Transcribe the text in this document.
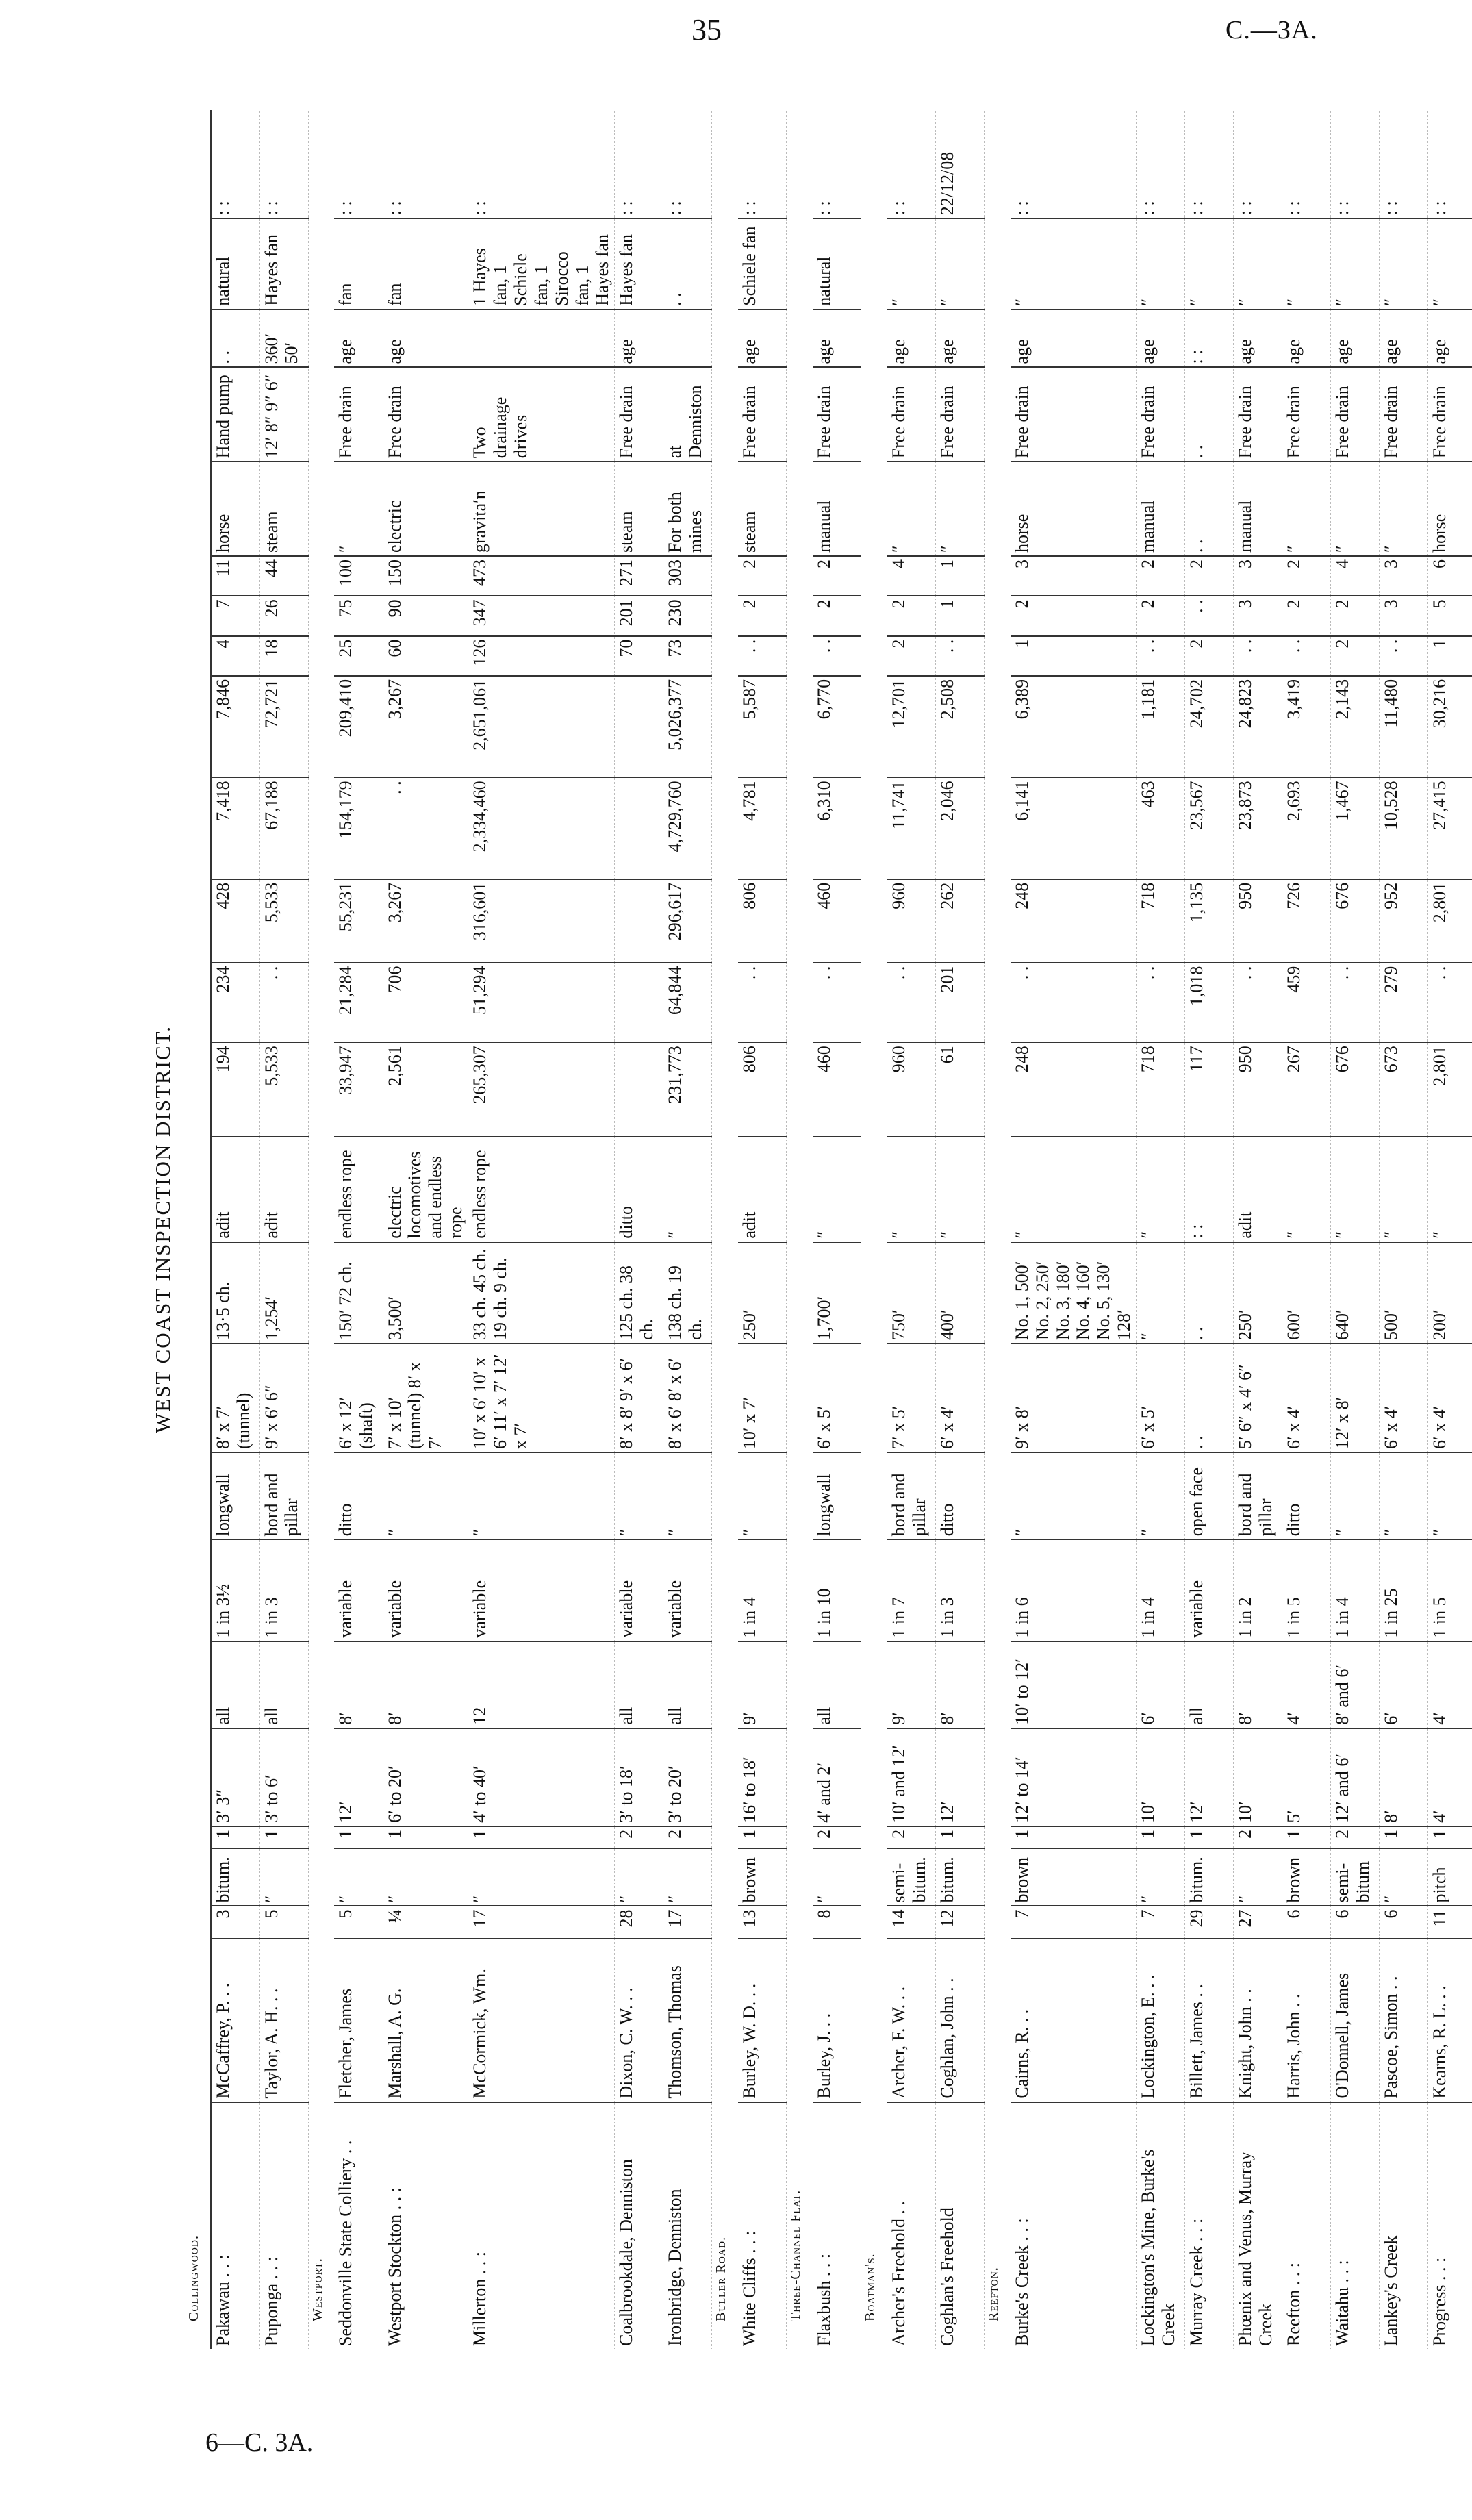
35	C.—3A.
6—C. 3A.
WEST COAST INSPECTION DISTRICT.
Collingwood.																								
Pakawau . . :	McCaffrey, P. . .	3	bitum.	1	3′ 3″	all	1 in 3½	longwall	8′ x 7′ (tunnel)	13·5 ch.	adit	194	234	428	7,418	7,846	4	7	11	horse	Hand pump	. .	natural	: :
Puponga . . :	Taylor, A. H. . .	5	″	1	3′ to 6′	all	1 in 3	bord and pillar	9′ x 6′ 6″	1,254′	adit	5,533	. .	5,533	67,188	72,721	18	26	44	steam	12′ 8″ 9″ 6″	360′ 50′	Hayes fan	: :
Westport.																								
Seddonville State Colliery . .	Fletcher, James	5	″	1	12′	8′	variable	ditto	6′ x 12′ (shaft)	150′ 72 ch.	endless rope	33,947	21,284	55,231	154,179	209,410	25	75	100	″	Free drain	age	fan	: :
Westport Stockton . . :	Marshall, A. G.	¼	″	1	6′ to 20′	8′	variable	″	7′ x 10′ (tunnel) 8′ x 7′	3,500′	electric locomotives and endless rope	2,561	706	3,267	. .	3,267	60	90	150	electric	Free drain	age	fan	: :
Millerton . . :	McCormick, Wm.	17	″	1	4′ to 40′	12	variable	″	10′ x 6′ 10′ x 6′ 11′ x 7′ 12′ x 7′	33 ch. 45 ch. 19 ch. 9 ch.	endless rope	265,307	51,294	316,601	2,334,460	2,651,061	126	347	473	gravita′n	Two drainage drives		1 Hayes fan, 1 Schiele fan, 1 Sirocco fan, 1 Hayes fan	: :
Coalbrookdale, Denniston	Dixon, C. W. . .	28	″	2	3′ to 18′	all	variable	″	8′ x 8′ 9′ x 6′	125 ch. 38 ch.	ditto						70	201	271	steam	Free drain	age	Hayes fan	: :
Ironbridge, Denniston	Thomson, Thomas	17	″	2	3′ to 20′	all	variable	″	8′ x 6′ 8′ x 6′	138 ch. 19 ch.	″	231,773	64,844	296,617	4,729,760	5,026,377	73	230	303	For both mines	at Denniston		. .	: :
Buller Road.																								
White Cliffs . . :	Burley, W. D. . .	13	brown	1	16′ to 18′	9′	1 in 4	″	10′ x 7′	250′	adit	806	. .	806	4,781	5,587	. .	2	2	steam	Free drain	age	Schiele fan	: :
Three-Channel Flat.																								
Flaxbush . . :	Burley, J. . .	8	″	2	4′ and 2′	all	1 in 10	longwall	6′ x 5′	1,700′	″	460	. .	460	6,310	6,770	. .	2	2	manual	Free drain	age	natural	: :
Boatman's.																								
Archer's Freehold . .	Archer, F. W. . .	14	semi-bitum.	2	10′ and 12′	9′	1 in 7	bord and pillar	7′ x 5′	750′	″	960	. .	960	11,741	12,701	2	2	4	″	Free drain	age	″	: :
Coghlan's Freehold	Coghlan, John . .	12	bitum.	1	12′	8′	1 in 3	ditto	6′ x 4′	400′	″	61	201	262	2,046	2,508	. .	1	1	″	Free drain	age	″	22/12/08
Reefton.																								
Burke's Creek . . :	Cairns, R. . .	7	brown	1	12′ to 14′	10′ to 12′	1 in 6	″	9′ x 8′	No. 1, 500′ No. 2, 250′ No. 3, 180′ No. 4, 160′ No. 5, 130′ 128′	″	248	. .	248	6,141	6,389	1	2	3	horse	Free drain	age	″	: :
Lockington's Mine, Burke's Creek	Lockington, E. . .	7	″	1	10′	6′	1 in 4	″	6′ x 5′	″	″	718	. .	718	463	1,181	. .	2	2	manual	Free drain	age	″	: :
Murray Creek . . :	Billett, James . .	29	bitum.	1	12′	all	variable	open face	. .	. .	: :	117	1,018	1,135	23,567	24,702	2	. .	2	. .	. .	: :	″	: :
Phœnix and Venus, Murray Creek	Knight, John . .	27	″	2	10′	8′	1 in 2	bord and pillar	5′ 6″ x 4′ 6″	250′	adit	950	. .	950	23,873	24,823	. .	3	3	manual	Free drain	age	″	: :
Reefton . . :	Harris, John . .	6	brown	1	5′	4′	1 in 5	ditto	6′ x 4′	600′	″	267	459	726	2,693	3,419	. .	2	2	″	Free drain	age	″	: :
Waitahu . . :	O'Donnell, James	6	semi-bitum	2	12′ and 6′	8′ and 6′	1 in 4	″	12′ x 8′	640′	″	676	. .	676	1,467	2,143	2	2	4	″	Free drain	age	″	: :
Lankey's Creek	Pascoe, Simon . .	6	″	1	8′	6′	1 in 25	″	6′ x 4′	500′	″	673	279	952	10,528	11,480	. .	3	3	″	Free drain	age	″	: :
Progress . . :	Kearns, R. L. . .	11	pitch	1	4′	4′	1 in 5	″	6′ x 4′	200′	″	2,801	. .	2,801	27,415	30,216	1	5	6	horse	Free drain	age	″	: :
